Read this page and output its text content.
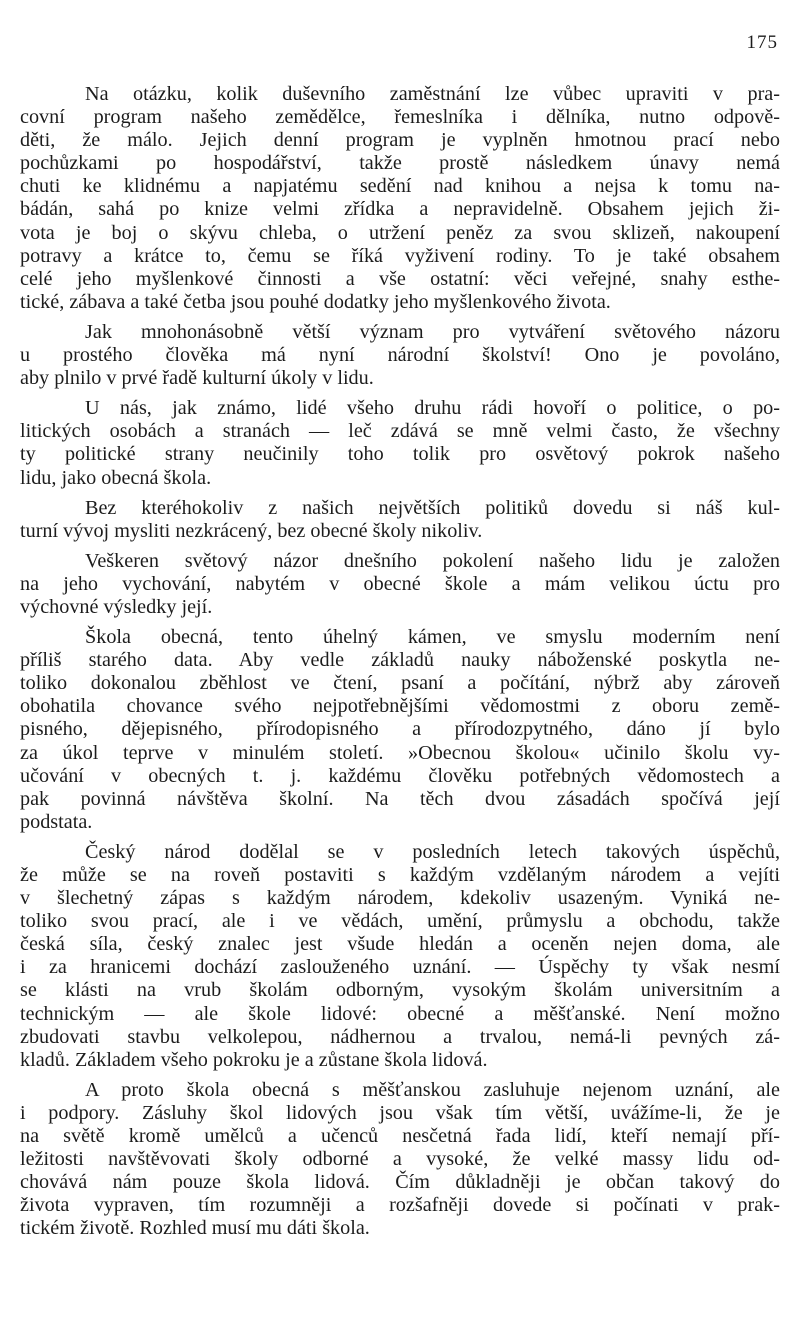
175
Na otázku, kolik duševního zaměstnání lze vůbec upraviti v pra-
covní program našeho zemědělce, řemeslníka i dělníka, nutno odpově-
děti, že málo. Jejich denní program je vyplněn hmotnou prací nebo
pochůzkami po hospodářství, takže prostě následkem únavy nemá
chuti ke klidnému a napjatému sedění nad knihou a nejsa k tomu na-
bádán, sahá po knize velmi zřídka a nepravidelně. Obsahem jejich ži-
vota je boj o skývu chleba, o utržení peněz za svou sklizeň, nakoupení
potravy a krátce to, čemu se říká vyživení rodiny. To je také obsahem
celé jeho myšlenkové činnosti a vše ostatní: věci veřejné, snahy esthe-
tické, zábava a také četba jsou pouhé dodatky jeho myšlenkového života.
Jak mnohonásobně větší význam pro vytváření světového názoru
u prostého člověka má nyní národní školství! Ono je povoláno,
aby plnilo v prvé řadě kulturní úkoly v lidu.
U nás, jak známo, lidé všeho druhu rádi hovoří o politice, o po-
litických osobách a stranách — leč zdává se mně velmi často, že všechny
ty politické strany neučinily toho tolik pro osvětový pokrok našeho
lidu, jako obecná škola.
Bez kteréhokoliv z našich největších politiků dovedu si náš kul-
turní vývoj mysliti nezkrácený, bez obecné školy nikoliv.
Veškeren světový názor dnešního pokolení našeho lidu je založen
na jeho vychování, nabytém v obecné škole a mám velikou úctu pro
výchovné výsledky její.
Škola obecná, tento úhelný kámen, ve smyslu moderním není
příliš starého data. Aby vedle základů nauky náboženské poskytla ne-
toliko dokonalou zběhlost ve čtení, psaní a počítání, nýbrž aby zároveň
obohatila chovance svého nejpotřebnějšími vědomostmi z oboru země-
pisného, dějepisného, přírodopisného a přírodozpytného, dáno jí bylo
za úkol teprve v minulém století. »Obecnou školou« učinilo školu vy-
učování v obecných t. j. každému člověku potřebných vědomostech a
pak povinná návštěva školní. Na těch dvou zásadách spočívá její
podstata.
Český národ dodělal se v posledních letech takových úspěchů,
že může se na roveň postaviti s každým vzdělaným národem a vejíti
v šlechetný zápas s každým národem, kdekoliv usazeným. Vyniká ne-
toliko svou prací, ale i ve vědách, umění, průmyslu a obchodu, takže
česká síla, český znalec jest všude hledán a oceněn nejen doma, ale
i za hranicemi dochází zaslouženého uznání. — Úspěchy ty však nesmí
se klásti na vrub školám odborným, vysokým školám universitním a
technickým — ale škole lidové: obecné a měšťanské. Není možno
zbudovati stavbu velkolepou, nádhernou a trvalou, nemá-li pevných zá-
kladů. Základem všeho pokroku je a zůstane škola lidová.
A proto škola obecná s měšťanskou zasluhuje nejenom uznání, ale
i podpory. Zásluhy škol lidových jsou však tím větší, uvážíme-li, že je
na světě kromě umělců a učenců nesčetná řada lidí, kteří nemají pří-
ležitosti navštěvovati školy odborné a vysoké, že velké massy lidu od-
chovává nám pouze škola lidová. Čím důkladněji je občan takový do
života vypraven, tím rozumněji a rozšafněji dovede si počínati v prak-
tickém životě. Rozhled musí mu dáti škola.
